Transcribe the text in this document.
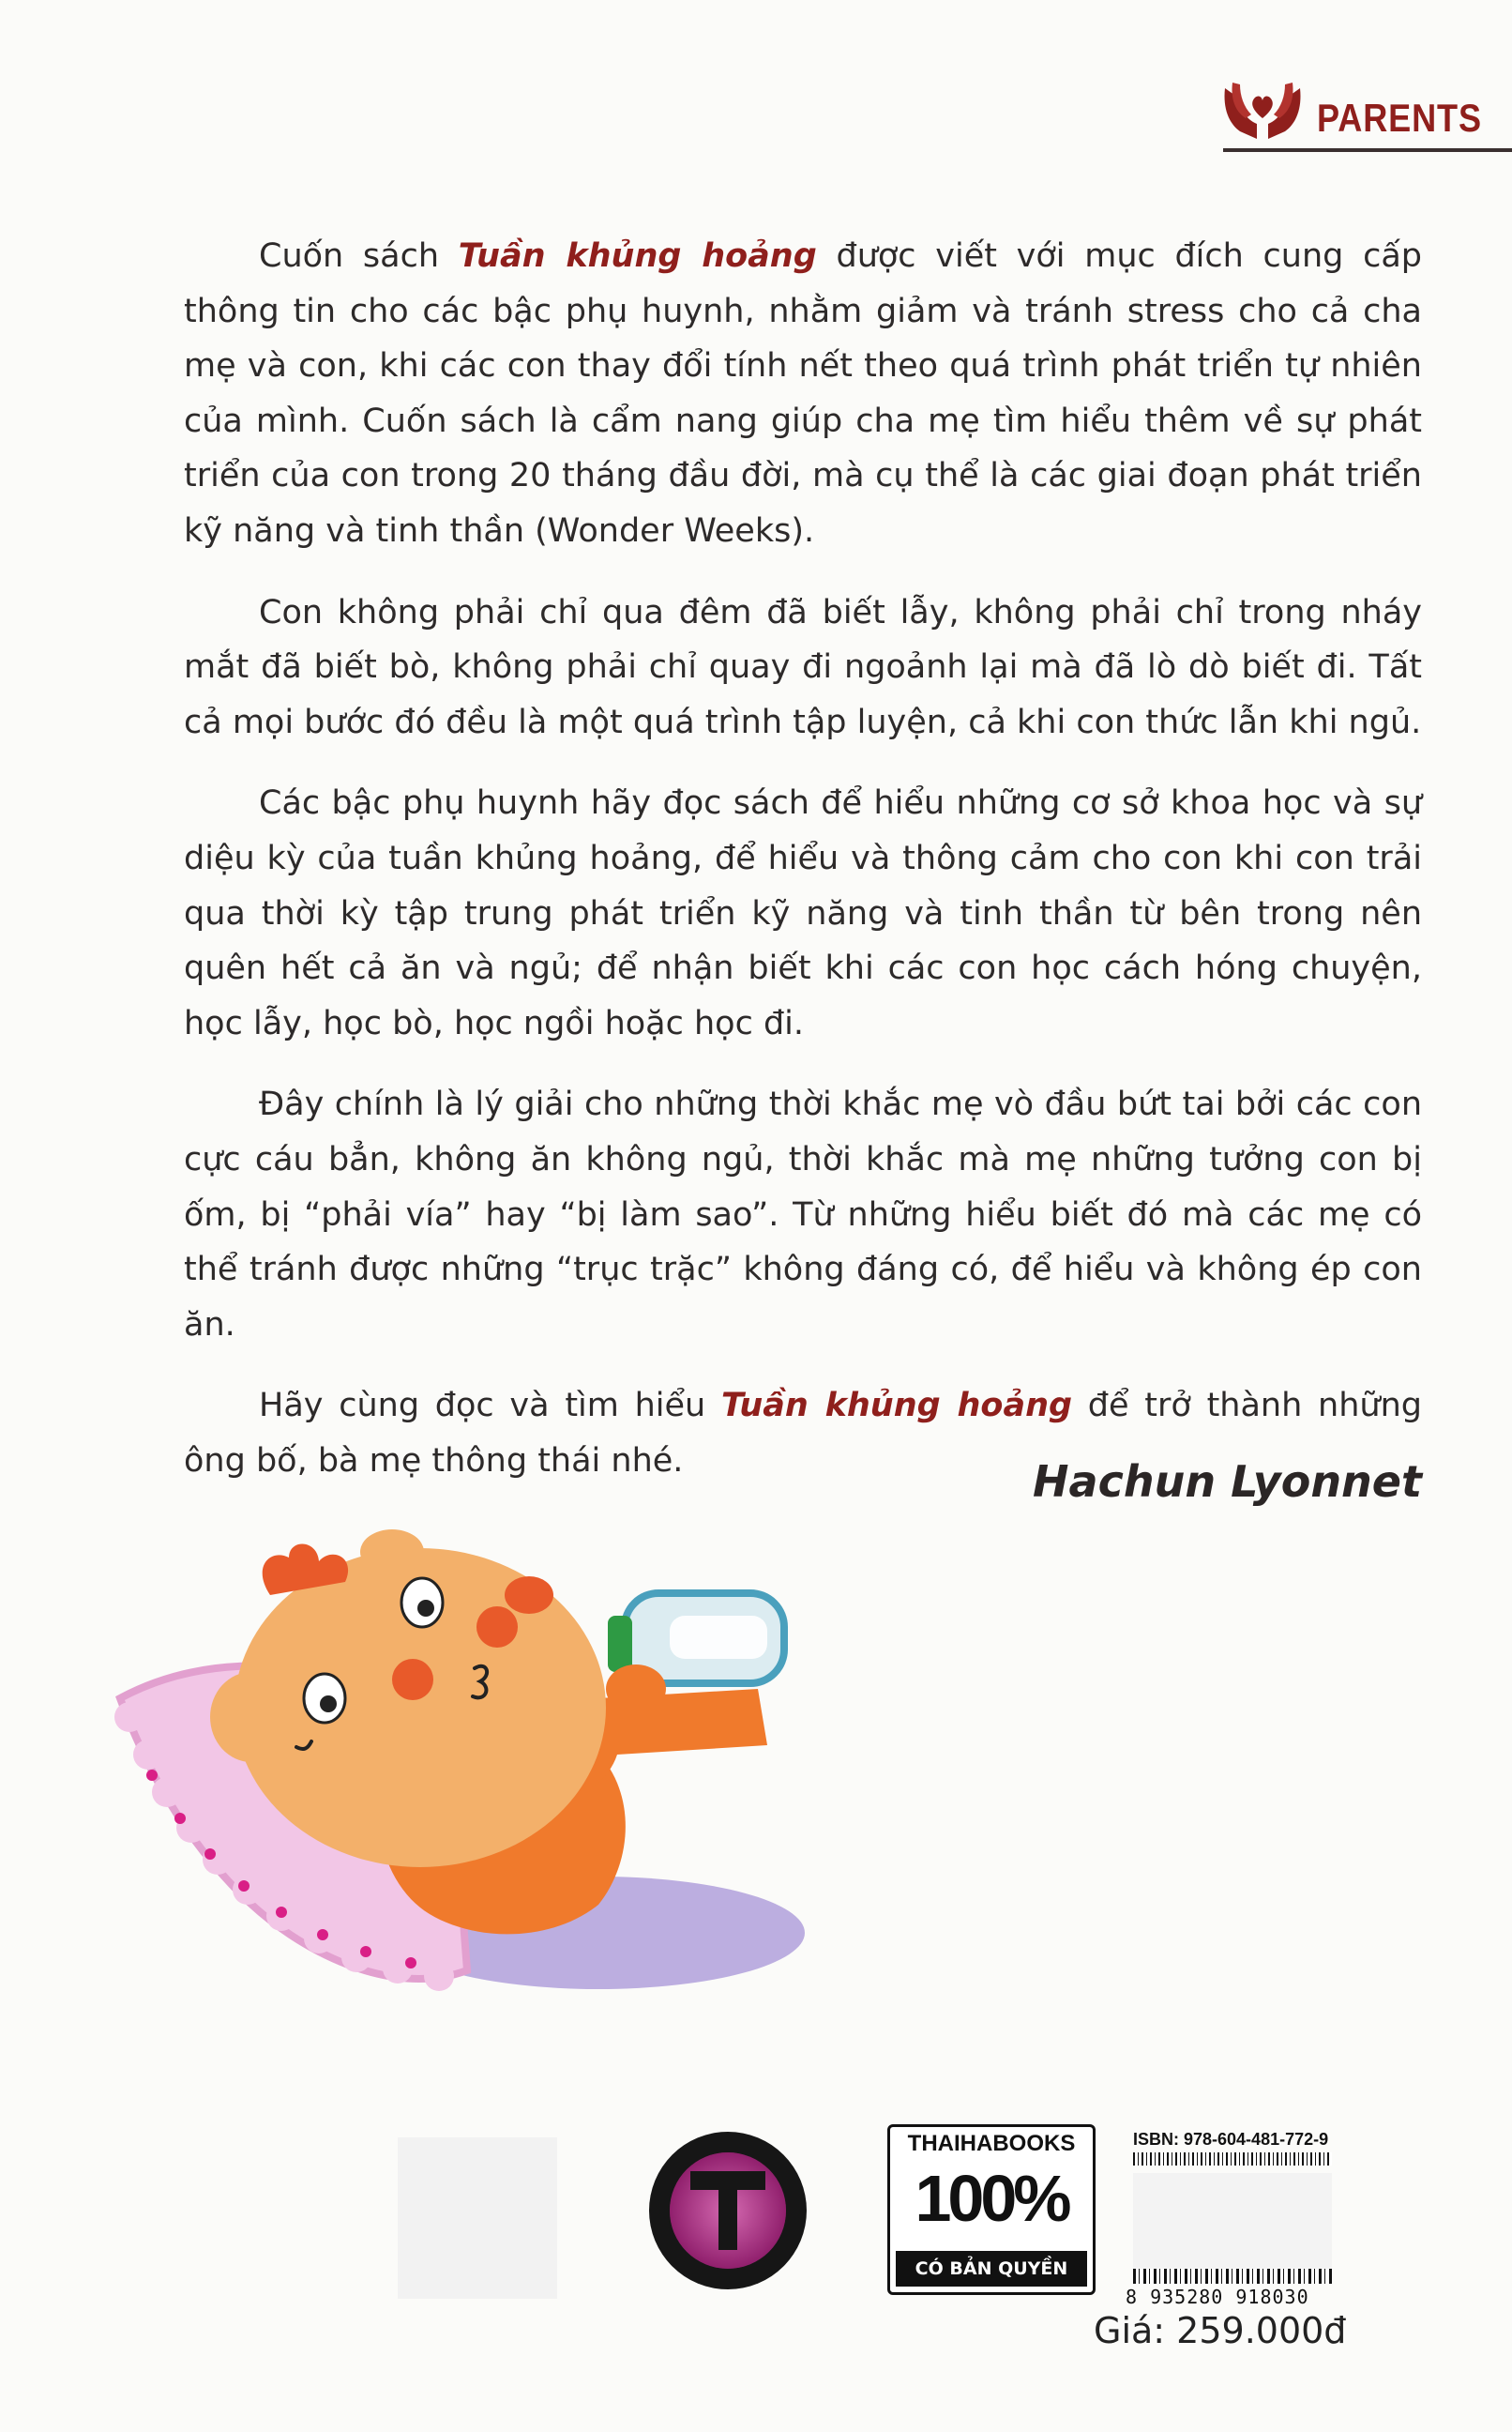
PARENTS

Cuốn sách Tuần khủng hoảng được viết với mục đích cung cấp thông tin cho các bậc phụ huynh, nhằm giảm và tránh stress cho cả cha mẹ và con, khi các con thay đổi tính nết theo quá trình phát triển tự nhiên của mình. Cuốn sách là cẩm nang giúp cha mẹ tìm hiểu thêm về sự phát triển của con trong 20 tháng đầu đời, mà cụ thể là các giai đoạn phát triển kỹ năng và tinh thần (Wonder Weeks).

Con không phải chỉ qua đêm đã biết lẫy, không phải chỉ trong nháy mắt đã biết bò, không phải chỉ quay đi ngoảnh lại mà đã lò dò biết đi. Tất cả mọi bước đó đều là một quá trình tập luyện, cả khi con thức lẫn khi ngủ.

Các bậc phụ huynh hãy đọc sách để hiểu những cơ sở khoa học và sự diệu kỳ của tuần khủng hoảng, để hiểu và thông cảm cho con khi con trải qua thời kỳ tập trung phát triển kỹ năng và tinh thần từ bên trong nên quên hết cả ăn và ngủ; để nhận biết khi các con học cách hóng chuyện, học lẫy, học bò, học ngồi hoặc học đi.

Đây chính là lý giải cho những thời khắc mẹ vò đầu bứt tai bởi các con cực cáu bẳn, không ăn không ngủ, thời khắc mà mẹ những tưởng con bị ốm, bị “phải vía” hay “bị làm sao”. Từ những hiểu biết đó mà các mẹ có thể tránh được những “trục trặc” không đáng có, để hiểu và không ép con ăn.

Hãy cùng đọc và tìm hiểu Tuần khủng hoảng để trở thành những ông bố, bà mẹ thông thái nhé.	Hachun Lyonnet
THAIHABOOKS
100%
CÓ BẢN QUYỀN
ISBN: 978-604-481-772-9
8 935280 918030
Giá: 259.000đ
